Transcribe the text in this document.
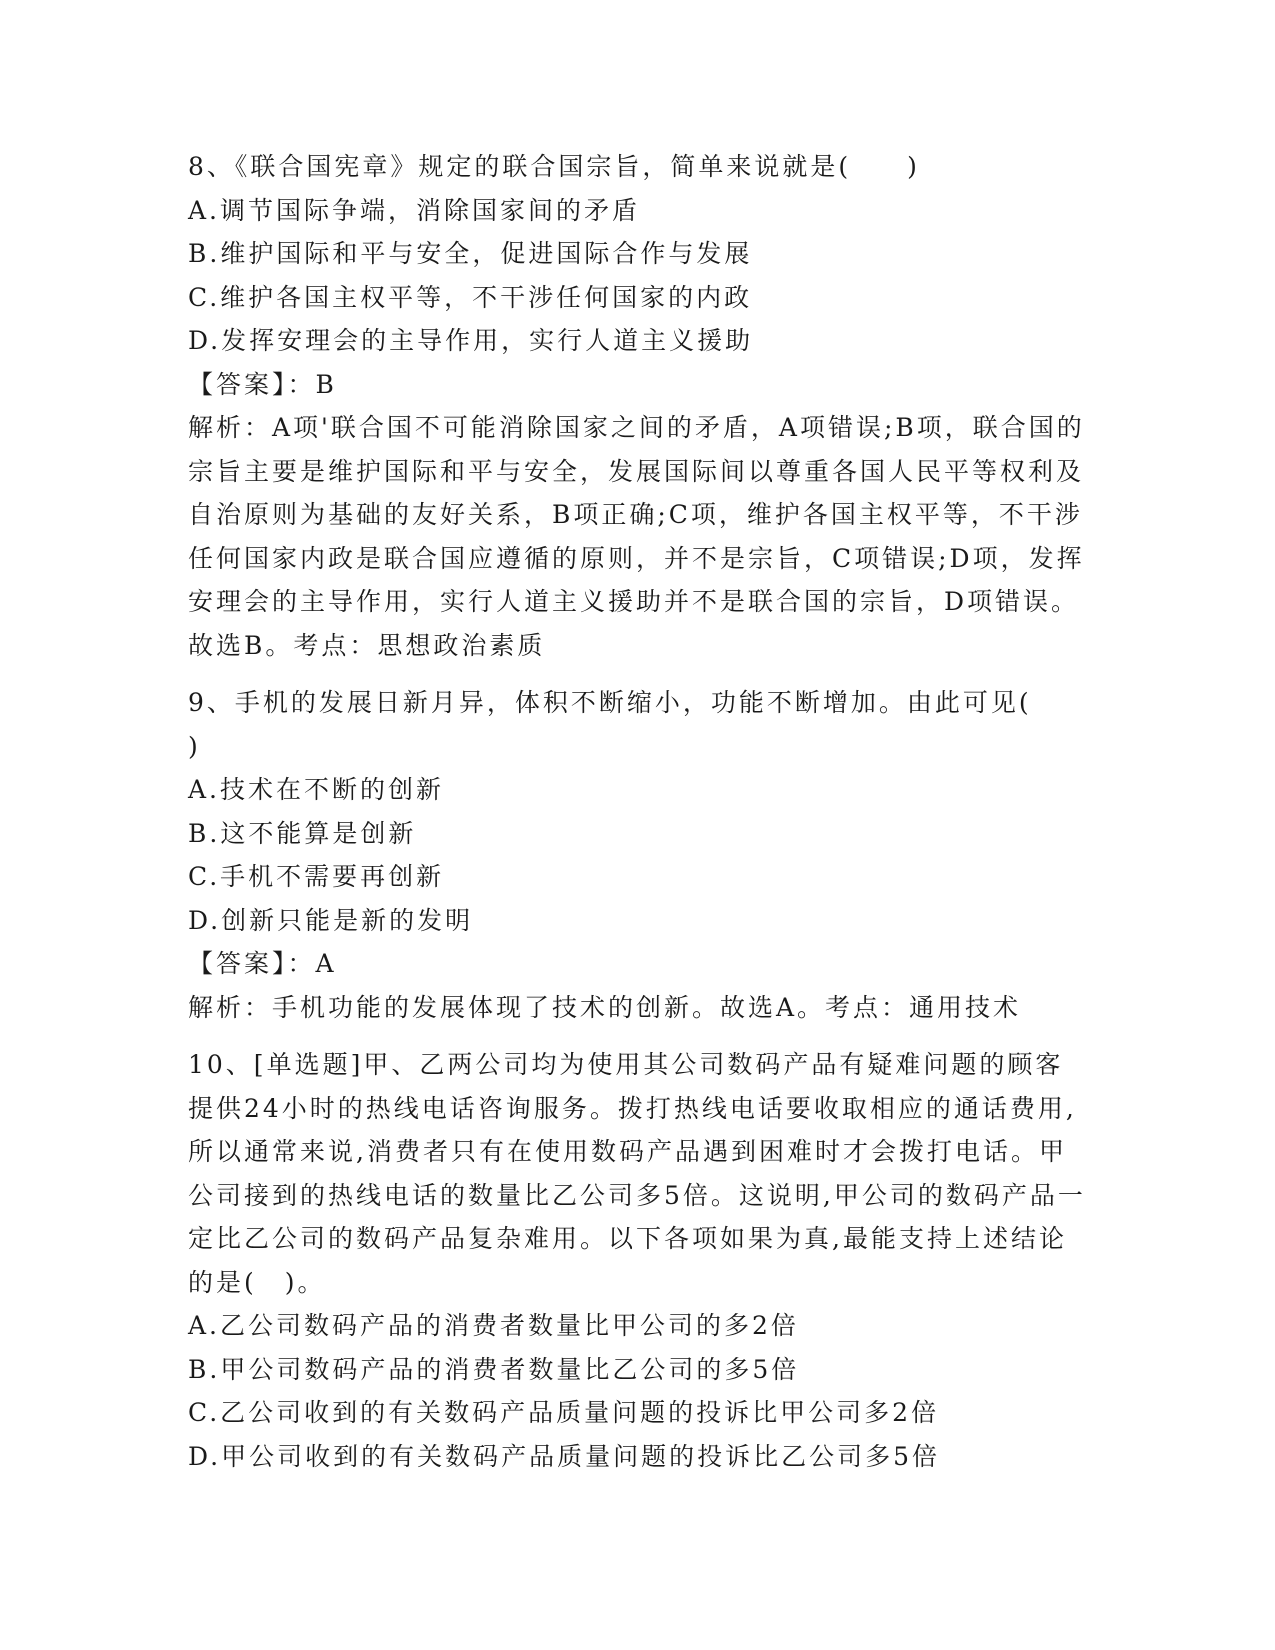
8、《联合国宪章》规定的联合国宗旨，简单来说就是(　　)

A.调节国际争端，消除国家间的矛盾

B.维护国际和平与安全，促进国际合作与发展

C.维护各国主权平等，不干涉任何国家的内政

D.发挥安理会的主导作用，实行人道主义援助

【答案】：B

解析：A项'联合国不可能消除国家之间的矛盾，A项错误;B项，联合国的宗旨主要是维护国际和平与安全，发展国际间以尊重各国人民平等权利及自治原则为基础的友好关系，B项正确;C项，维护各国主权平等，不干涉任何国家内政是联合国应遵循的原则，并不是宗旨，C项错误;D项，发挥安理会的主导作用，实行人道主义援助并不是联合国的宗旨，D项错误。故选B。考点：思想政治素质

9、手机的发展日新月异，体积不断缩小，功能不断增加。由此可见(　　)

A.技术在不断的创新

B.这不能算是创新

C.手机不需要再创新

D.创新只能是新的发明

【答案】：A

解析：手机功能的发展体现了技术的创新。故选A。考点：通用技术

10、[单选题]甲、乙两公司均为使用其公司数码产品有疑难问题的顾客提供24小时的热线电话咨询服务。拨打热线电话要收取相应的通话费用,所以通常来说,消费者只有在使用数码产品遇到困难时才会拨打电话。甲公司接到的热线电话的数量比乙公司多5倍。这说明,甲公司的数码产品一定比乙公司的数码产品复杂难用。以下各项如果为真,最能支持上述结论的是(　)。

A.乙公司数码产品的消费者数量比甲公司的多2倍

B.甲公司数码产品的消费者数量比乙公司的多5倍

C.乙公司收到的有关数码产品质量问题的投诉比甲公司多2倍

D.甲公司收到的有关数码产品质量问题的投诉比乙公司多5倍
